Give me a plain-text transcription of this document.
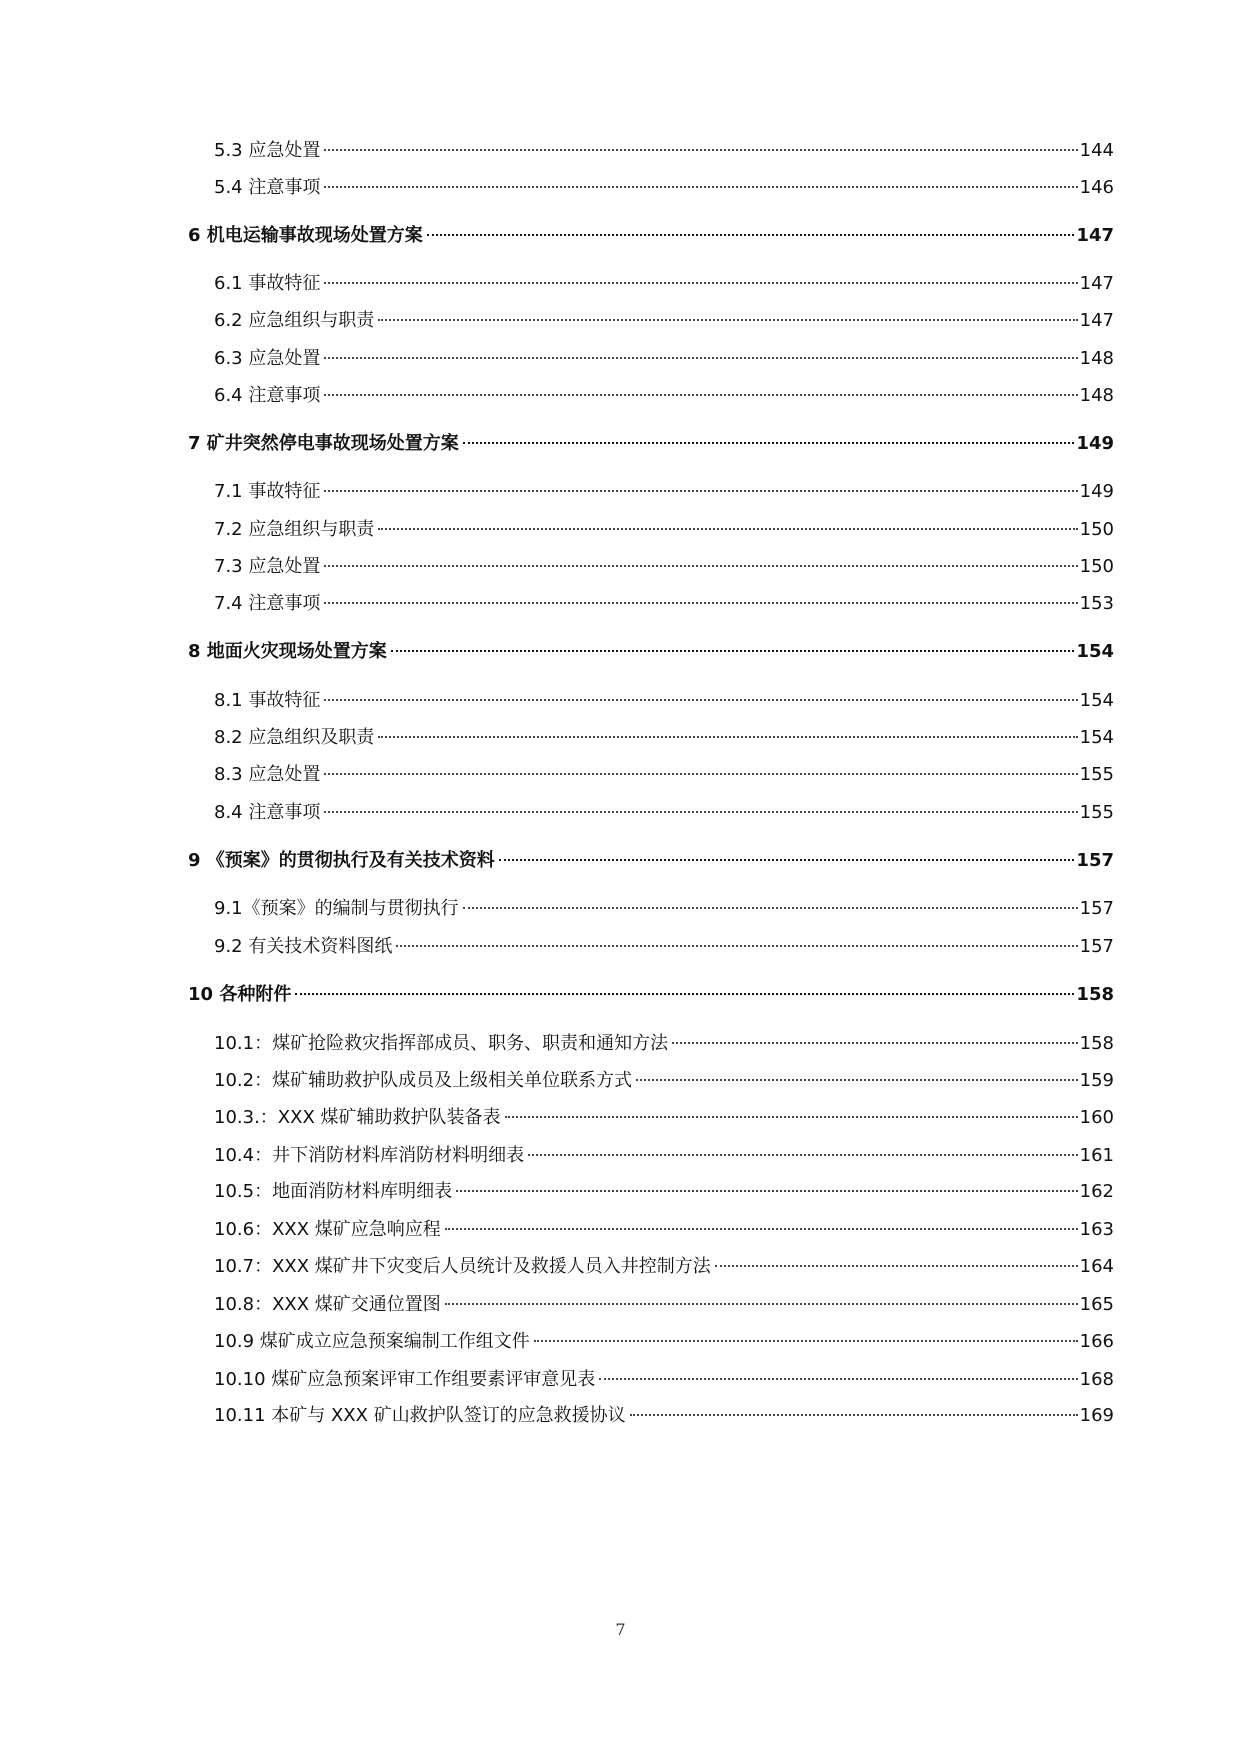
5.3 应急处置	144
5.4 注意事项	146
6 机电运输事故现场处置方案	147
6.1 事故特征	147
6.2 应急组织与职责	147
6.3 应急处置	148
6.4 注意事项	148
7 矿井突然停电事故现场处置方案	149
7.1 事故特征	149
7.2 应急组织与职责	150
7.3 应急处置	150
7.4 注意事项	153
8 地面火灾现场处置方案	154
8.1 事故特征	154
8.2 应急组织及职责	154
8.3 应急处置	155
8.4 注意事项	155
9 《预案》的贯彻执行及有关技术资料	157
9.1《预案》的编制与贯彻执行	157
9.2 有关技术资料图纸	157
10 各种附件	158
10.1：煤矿抢险救灾指挥部成员、职务、职责和通知方法	158
10.2：煤矿辅助救护队成员及上级相关单位联系方式	159
10.3.：XXX 煤矿辅助救护队装备表	160
10.4：井下消防材料库消防材料明细表	161
10.5：地面消防材料库明细表	162
10.6：XXX 煤矿应急响应程	163
10.7：XXX 煤矿井下灾变后人员统计及救援人员入井控制方法	164
10.8：XXX 煤矿交通位置图	165
10.9 煤矿成立应急预案编制工作组文件	166
10.10 煤矿应急预案评审工作组要素评审意见表	168
10.11 本矿与 XXX 矿山救护队签订的应急救援协议	169
7
